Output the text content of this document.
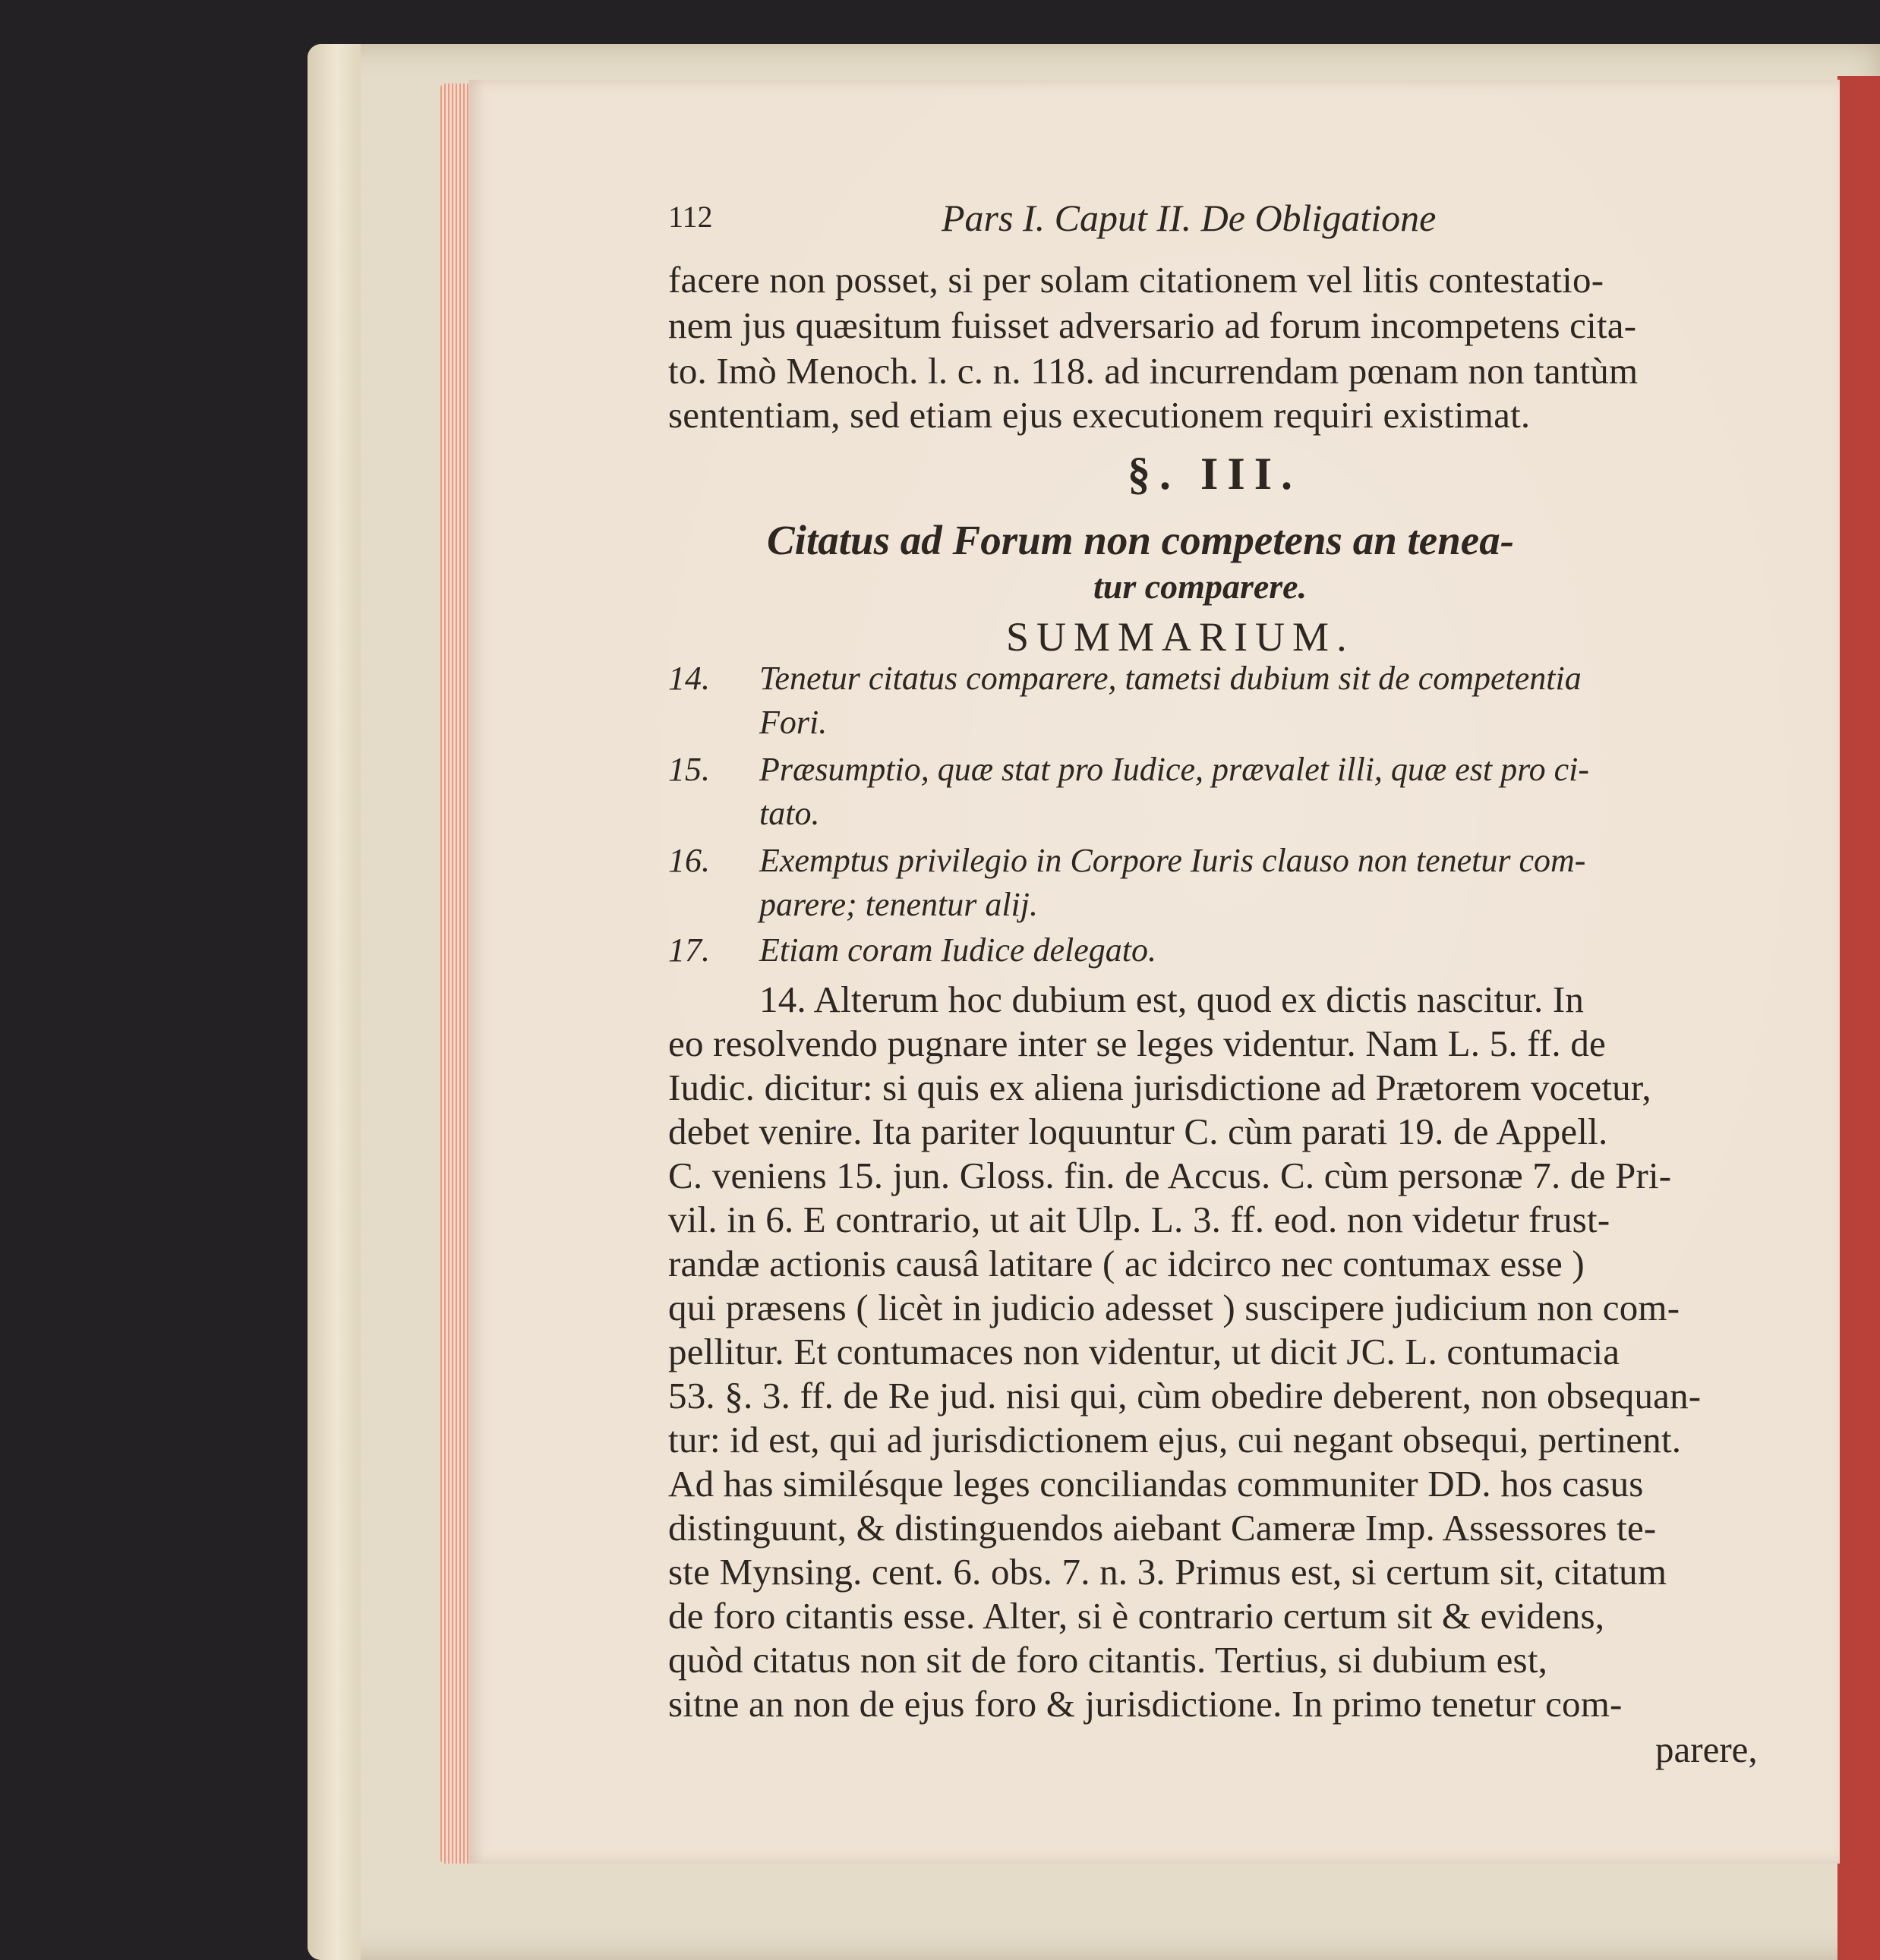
112	Pars I. Caput II. De Obligatione
facere non posset, si per solam citationem vel litis contestatio-
nem jus quæsitum fuisset adversario ad forum incompetens cita-
to. Imò Menoch. l. c. n. 118. ad incurrendam pœnam non tantùm
sententiam, sed etiam ejus executionem requiri existimat.
§. III.
Citatus ad Forum non competens an tenea-
tur comparere.
SUMMARIUM.
14. Tenetur citatus comparere, tametsi dubium sit de competentia
Fori.
15. Præsumptio, quæ stat pro Iudice, prævalet illi, quæ est pro ci-
tato.
16. Exemptus privilegio in Corpore Iuris clauso non tenetur com-
parere; tenentur alij.
17. Etiam coram Iudice delegato.
14. Alterum hoc dubium est, quod ex dictis nascitur. In
eo resolvendo pugnare inter se leges videntur. Nam L. 5. ff. de
Iudic. dicitur: si quis ex aliena jurisdictione ad Prætorem vocetur,
debet venire. Ita pariter loquuntur C. cùm parati 19. de Appell.
C. veniens 15. jun. Gloss. fin. de Accus. C. cùm personæ 7. de Pri-
vil. in 6. E contrario, ut ait Ulp. L. 3. ff. eod. non videtur frust-
randæ actionis causâ latitare ( ac idcirco nec contumax esse )
qui præsens ( licèt in judicio adesset ) suscipere judicium non com-
pellitur. Et contumaces non videntur, ut dicit JC. L. contumacia
53. §. 3. ff. de Re jud. nisi qui, cùm obedire deberent, non obsequan-
tur: id est, qui ad jurisdictionem ejus, cui negant obsequi, pertinent.
Ad has similésque leges conciliandas communiter DD. hos casus
distinguunt, & distinguendos aiebant Cameræ Imp. Assessores te-
ste Mynsing. cent. 6. obs. 7. n. 3. Primus est, si certum sit, citatum
de foro citantis esse. Alter, si è contrario certum sit & evidens,
quòd citatus non sit de foro citantis. Tertius, si dubium est,
sitne an non de ejus foro & jurisdictione. In primo tenetur com-
parere,
